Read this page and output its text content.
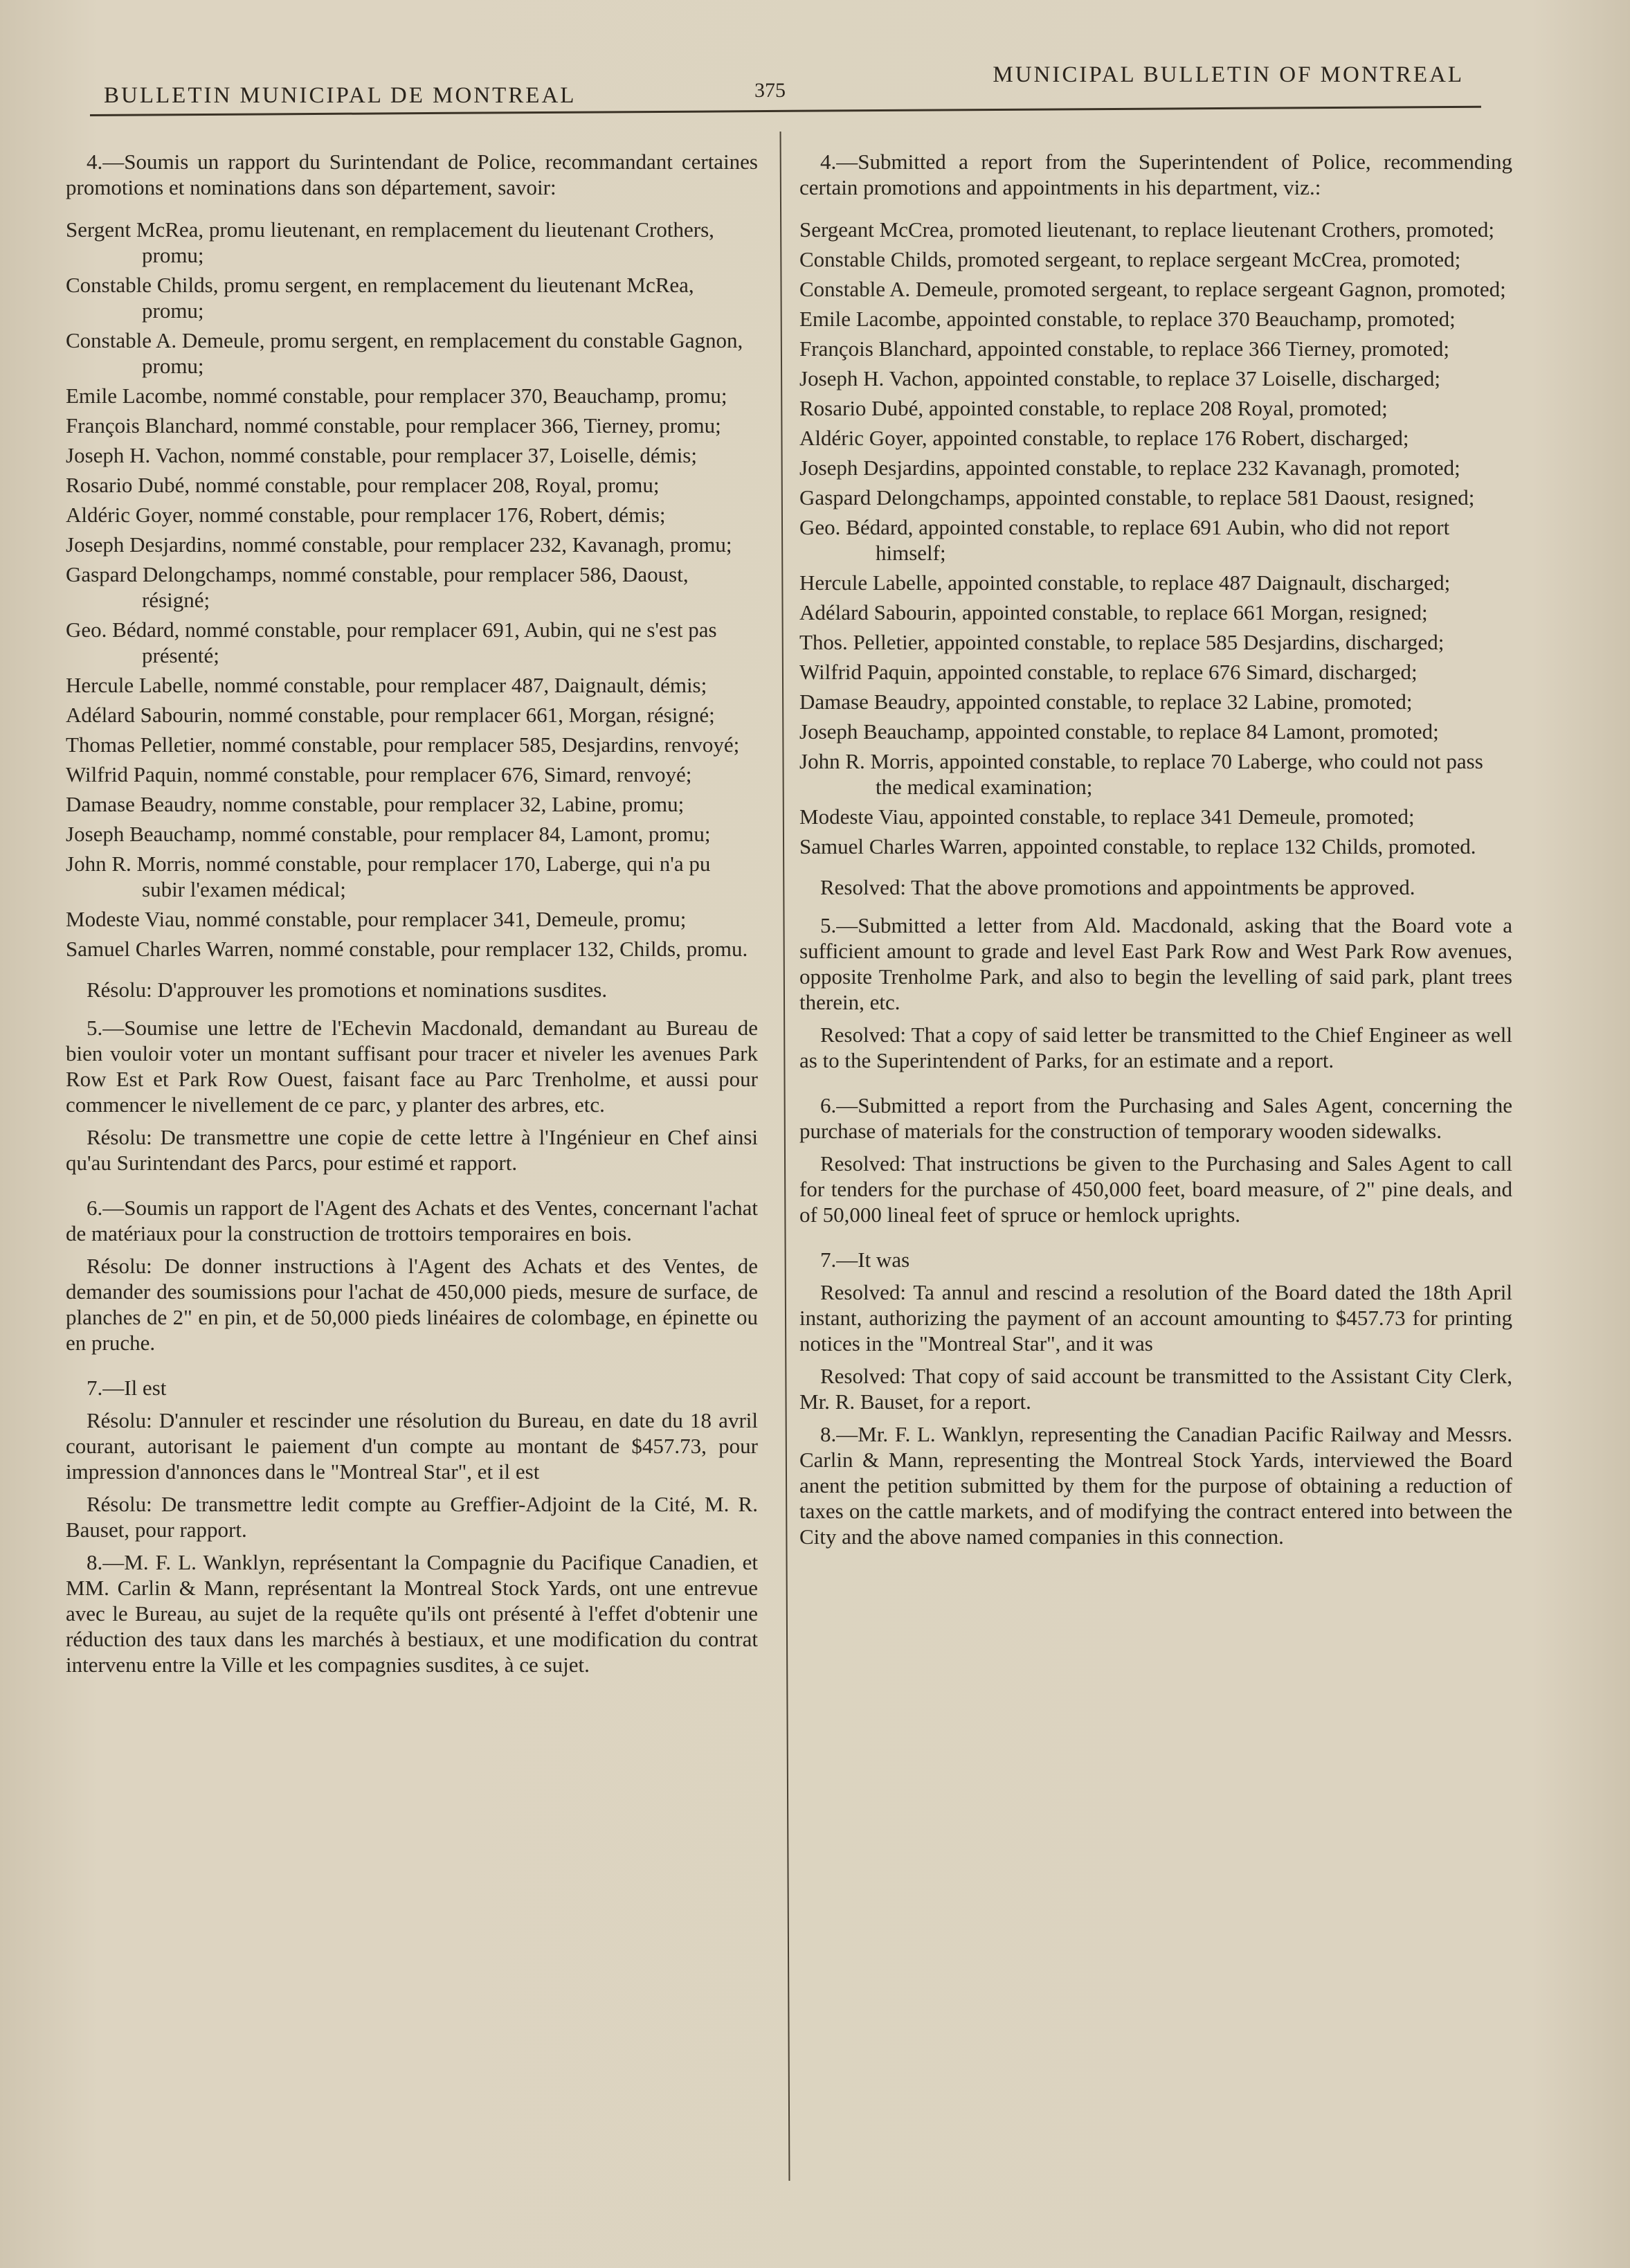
BULLETIN MUNICIPAL DE MONTREAL	375
MUNICIPAL BULLETIN OF MONTREAL

4.—Soumis un rapport du Surintendant de Police, recommandant certaines promotions et nominations dans son département, savoir:

Sergent McRea, promu lieutenant, en remplacement du lieutenant Crothers, promu;

Constable Childs, promu sergent, en remplacement du lieutenant McRea, promu;

Constable A. Demeule, promu sergent, en remplacement du constable Gagnon, promu;

Emile Lacombe, nommé constable, pour remplacer 370, Beauchamp, promu;

François Blanchard, nommé constable, pour remplacer 366, Tierney, promu;

Joseph H. Vachon, nommé constable, pour remplacer 37, Loiselle, démis;

Rosario Dubé, nommé constable, pour remplacer 208, Royal, promu;

Aldéric Goyer, nommé constable, pour remplacer 176, Robert, démis;

Joseph Desjardins, nommé constable, pour remplacer 232, Kavanagh, promu;

Gaspard Delongchamps, nommé constable, pour remplacer 586, Daoust, résigné;

Geo. Bédard, nommé constable, pour remplacer 691, Aubin, qui ne s'est pas présenté;

Hercule Labelle, nommé constable, pour remplacer 487, Daignault, démis;

Adélard Sabourin, nommé constable, pour remplacer 661, Morgan, résigné;

Thomas Pelletier, nommé constable, pour remplacer 585, Desjardins, renvoyé;

Wilfrid Paquin, nommé constable, pour remplacer 676, Simard, renvoyé;

Damase Beaudry, nomme constable, pour remplacer 32, Labine, promu;

Joseph Beauchamp, nommé constable, pour remplacer 84, Lamont, promu;

John R. Morris, nommé constable, pour remplacer 170, Laberge, qui n'a pu subir l'examen médical;

Modeste Viau, nommé constable, pour remplacer 341, Demeule, promu;

Samuel Charles Warren, nommé constable, pour remplacer 132, Childs, promu.

Résolu: D'approuver les promotions et nominations susdites.

5.—Soumise une lettre de l'Echevin Macdonald, demandant au Bureau de bien vouloir voter un montant suffisant pour tracer et niveler les avenues Park Row Est et Park Row Ouest, faisant face au Parc Trenholme, et aussi pour commencer le nivellement de ce parc, y planter des arbres, etc.

Résolu: De transmettre une copie de cette lettre à l'Ingénieur en Chef ainsi qu'au Surintendant des Parcs, pour estimé et rapport.

6.—Soumis un rapport de l'Agent des Achats et des Ventes, concernant l'achat de matériaux pour la construction de trottoirs temporaires en bois.

Résolu: De donner instructions à l'Agent des Achats et des Ventes, de demander des soumissions pour l'achat de 450,000 pieds, mesure de surface, de planches de 2" en pin, et de 50,000 pieds linéaires de colombage, en épinette ou en pruche.

7.—Il est

Résolu: D'annuler et rescinder une résolution du Bureau, en date du 18 avril courant, autorisant le paiement d'un compte au montant de $457.73, pour impression d'annonces dans le "Montreal Star", et il est

Résolu: De transmettre ledit compte au Greffier-Adjoint de la Cité, M. R. Bauset, pour rapport.

8.—M. F. L. Wanklyn, représentant la Compagnie du Pacifique Canadien, et MM. Carlin & Mann, représentant la Montreal Stock Yards, ont une entrevue avec le Bureau, au sujet de la requête qu'ils ont présenté à l'effet d'obtenir une réduction des taux dans les marchés à bestiaux, et une modification du contrat intervenu entre la Ville et les compagnies susdites, à ce sujet.

4.—Submitted a report from the Superintendent of Police, recommending certain promotions and appointments in his department, viz.:

Sergeant McCrea, promoted lieutenant, to replace lieutenant Crothers, promoted;

Constable Childs, promoted sergeant, to replace sergeant McCrea, promoted;

Constable A. Demeule, promoted sergeant, to replace sergeant Gagnon, promoted;

Emile Lacombe, appointed constable, to replace 370 Beauchamp, promoted;

François Blanchard, appointed constable, to replace 366 Tierney, promoted;

Joseph H. Vachon, appointed constable, to replace 37 Loiselle, discharged;

Rosario Dubé, appointed constable, to replace 208 Royal, promoted;

Aldéric Goyer, appointed constable, to replace 176 Robert, discharged;

Joseph Desjardins, appointed constable, to replace 232 Kavanagh, promoted;

Gaspard Delongchamps, appointed constable, to replace 581 Daoust, resigned;

Geo. Bédard, appointed constable, to replace 691 Aubin, who did not report himself;

Hercule Labelle, appointed constable, to replace 487 Daignault, discharged;

Adélard Sabourin, appointed constable, to replace 661 Morgan, resigned;

Thos. Pelletier, appointed constable, to replace 585 Desjardins, discharged;

Wilfrid Paquin, appointed constable, to replace 676 Simard, discharged;

Damase Beaudry, appointed constable, to replace 32 Labine, promoted;

Joseph Beauchamp, appointed constable, to replace 84 Lamont, promoted;

John R. Morris, appointed constable, to replace 70 Laberge, who could not pass the medical examination;

Modeste Viau, appointed constable, to replace 341 Demeule, promoted;

Samuel Charles Warren, appointed constable, to replace 132 Childs, promoted.

Resolved: That the above promotions and appointments be approved.

5.—Submitted a letter from Ald. Macdonald, asking that the Board vote a sufficient amount to grade and level East Park Row and West Park Row avenues, opposite Trenholme Park, and also to begin the levelling of said park, plant trees therein, etc.

Resolved: That a copy of said letter be transmitted to the Chief Engineer as well as to the Superintendent of Parks, for an estimate and a report.

6.—Submitted a report from the Purchasing and Sales Agent, concerning the purchase of materials for the construction of temporary wooden sidewalks.

Resolved: That instructions be given to the Purchasing and Sales Agent to call for tenders for the purchase of 450,000 feet, board measure, of 2" pine deals, and of 50,000 lineal feet of spruce or hemlock uprights.

7.—It was

Resolved: Ta annul and rescind a resolution of the Board dated the 18th April instant, authorizing the payment of an account amounting to $457.73 for printing notices in the "Montreal Star", and it was

Resolved: That copy of said account be transmitted to the Assistant City Clerk, Mr. R. Bauset, for a report.

8.—Mr. F. L. Wanklyn, representing the Canadian Pacific Railway and Messrs. Carlin & Mann, representing the Montreal Stock Yards, interviewed the Board anent the petition submitted by them for the purpose of obtaining a reduction of taxes on the cattle markets, and of modifying the contract entered into between the City and the above named companies in this connection.
